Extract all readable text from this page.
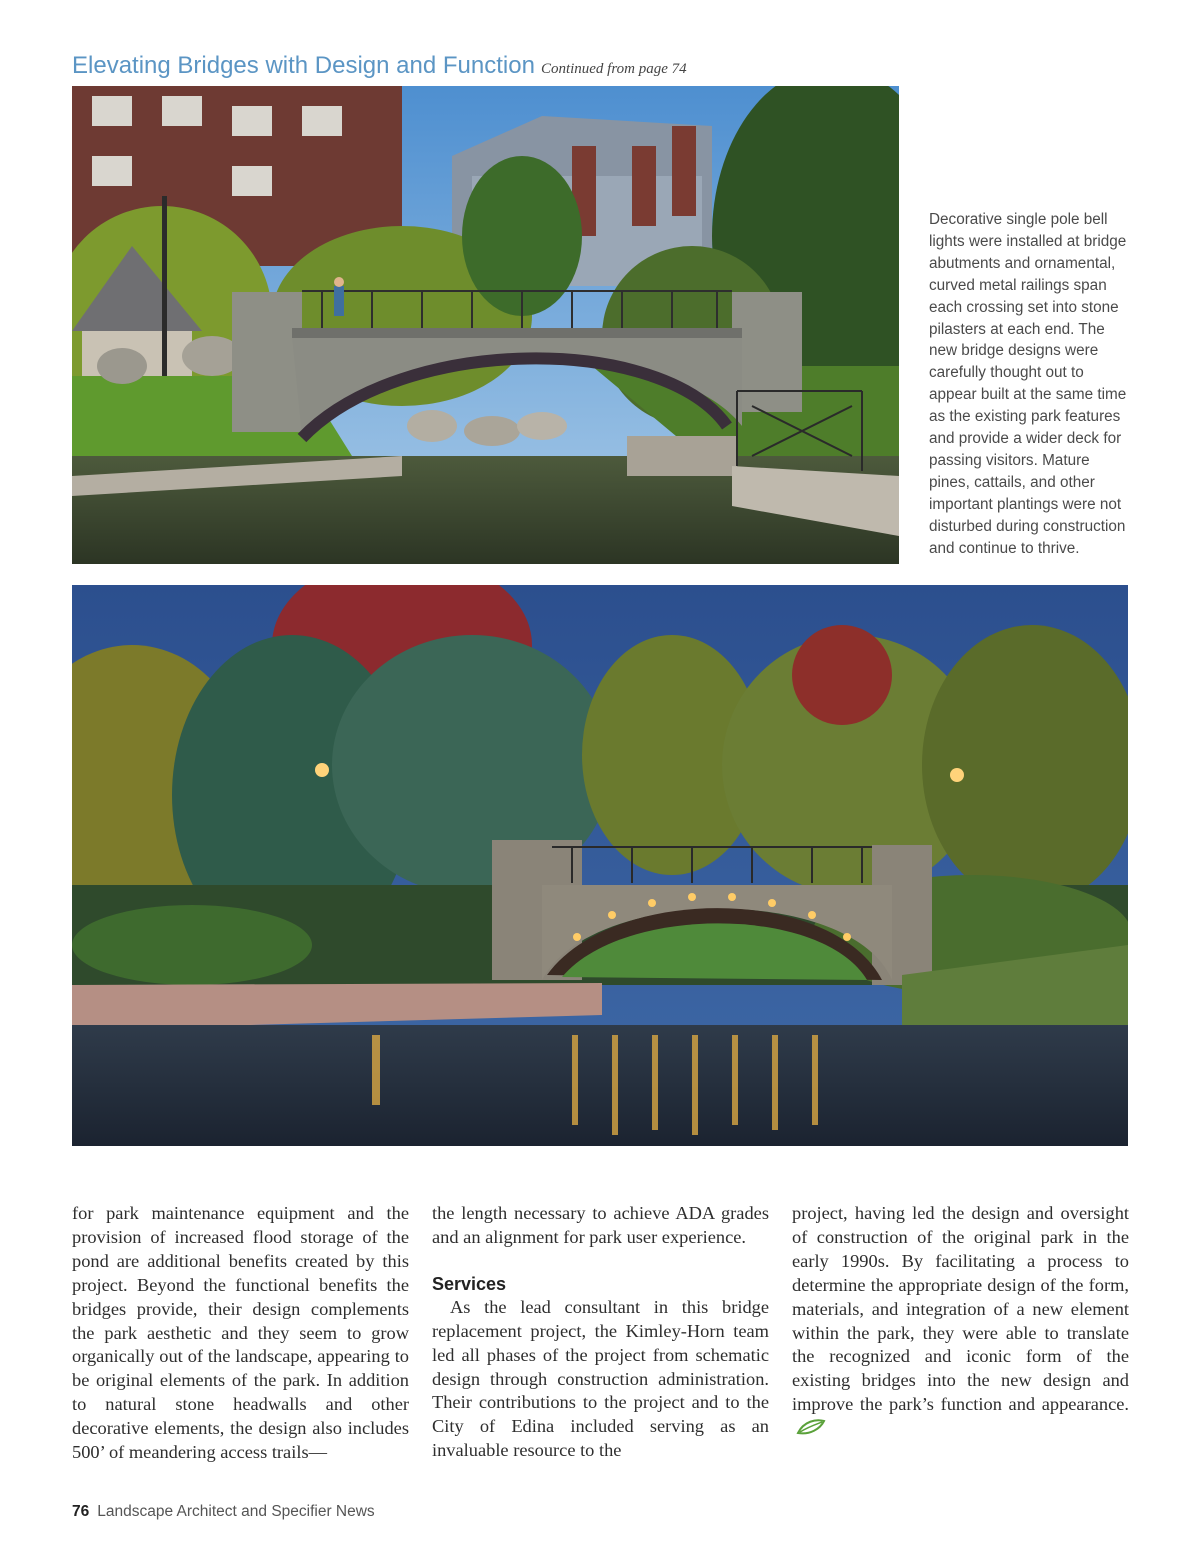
Elevating Bridges with Design and Function Continued from page 74
Decorative single pole bell lights were installed at bridge abutments and ornamental, curved metal railings span each crossing set into stone pilasters at each end. The new bridge designs were carefully thought out to appear built at the same time as the existing park features and provide a wider deck for passing visitors. Mature pines, cattails, and other important plantings were not disturbed during construction and continue to thrive.

for park maintenance equipment and the provision of increased flood storage of the pond are additional benefits created by this project. Beyond the functional benefits the bridges provide, their design complements the park aesthetic and they seem to grow organically out of the landscape, appearing to be original elements of the park. In addition to natural stone headwalls and other decorative elements, the design also includes 500’ of meandering access trails—

the length necessary to achieve ADA grades and an alignment for park user experience.

Services

As the lead consultant in this bridge replacement project, the Kimley-Horn team led all phases of the project from schematic design through construction administration. Their contributions to the project and to the City of Edina included serving as an invaluable resource to the

project, having led the design and oversight of construction of the original park in the early 1990s. By facilitating a process to determine the appropriate design of the form, materials, and integration of a new element within the park, they were able to translate the recognized and iconic form of the existing bridges into the new design and improve the park’s function and appearance.

76 Landscape Architect and Specifier News
